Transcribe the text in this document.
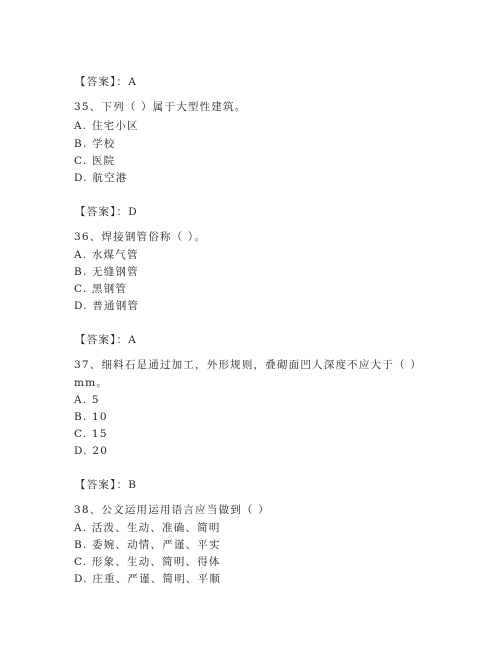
【答案】：A
35、下列（ ）属于大型性建筑。
A. 住宅小区
B. 学校
C. 医院
D. 航空港
【答案】：D
36、焊接钢管俗称（ ）。
A. 水煤气管
B. 无缝钢管
C. 黑钢管
D. 普通钢管
【答案】：A
37、细料石是通过加工，外形规则，叠砌面凹人深度不应大于（ ）
mm。
A. 5
B. 10
C. 15
D. 20
【答案】：B
38、公文运用运用语言应当做到（ ）
A. 活泼、生动、准确、简明
B. 委婉、动情、严谨、平实
C. 形象、生动、简明、得体
D. 庄重、严谨、简明、平顺
